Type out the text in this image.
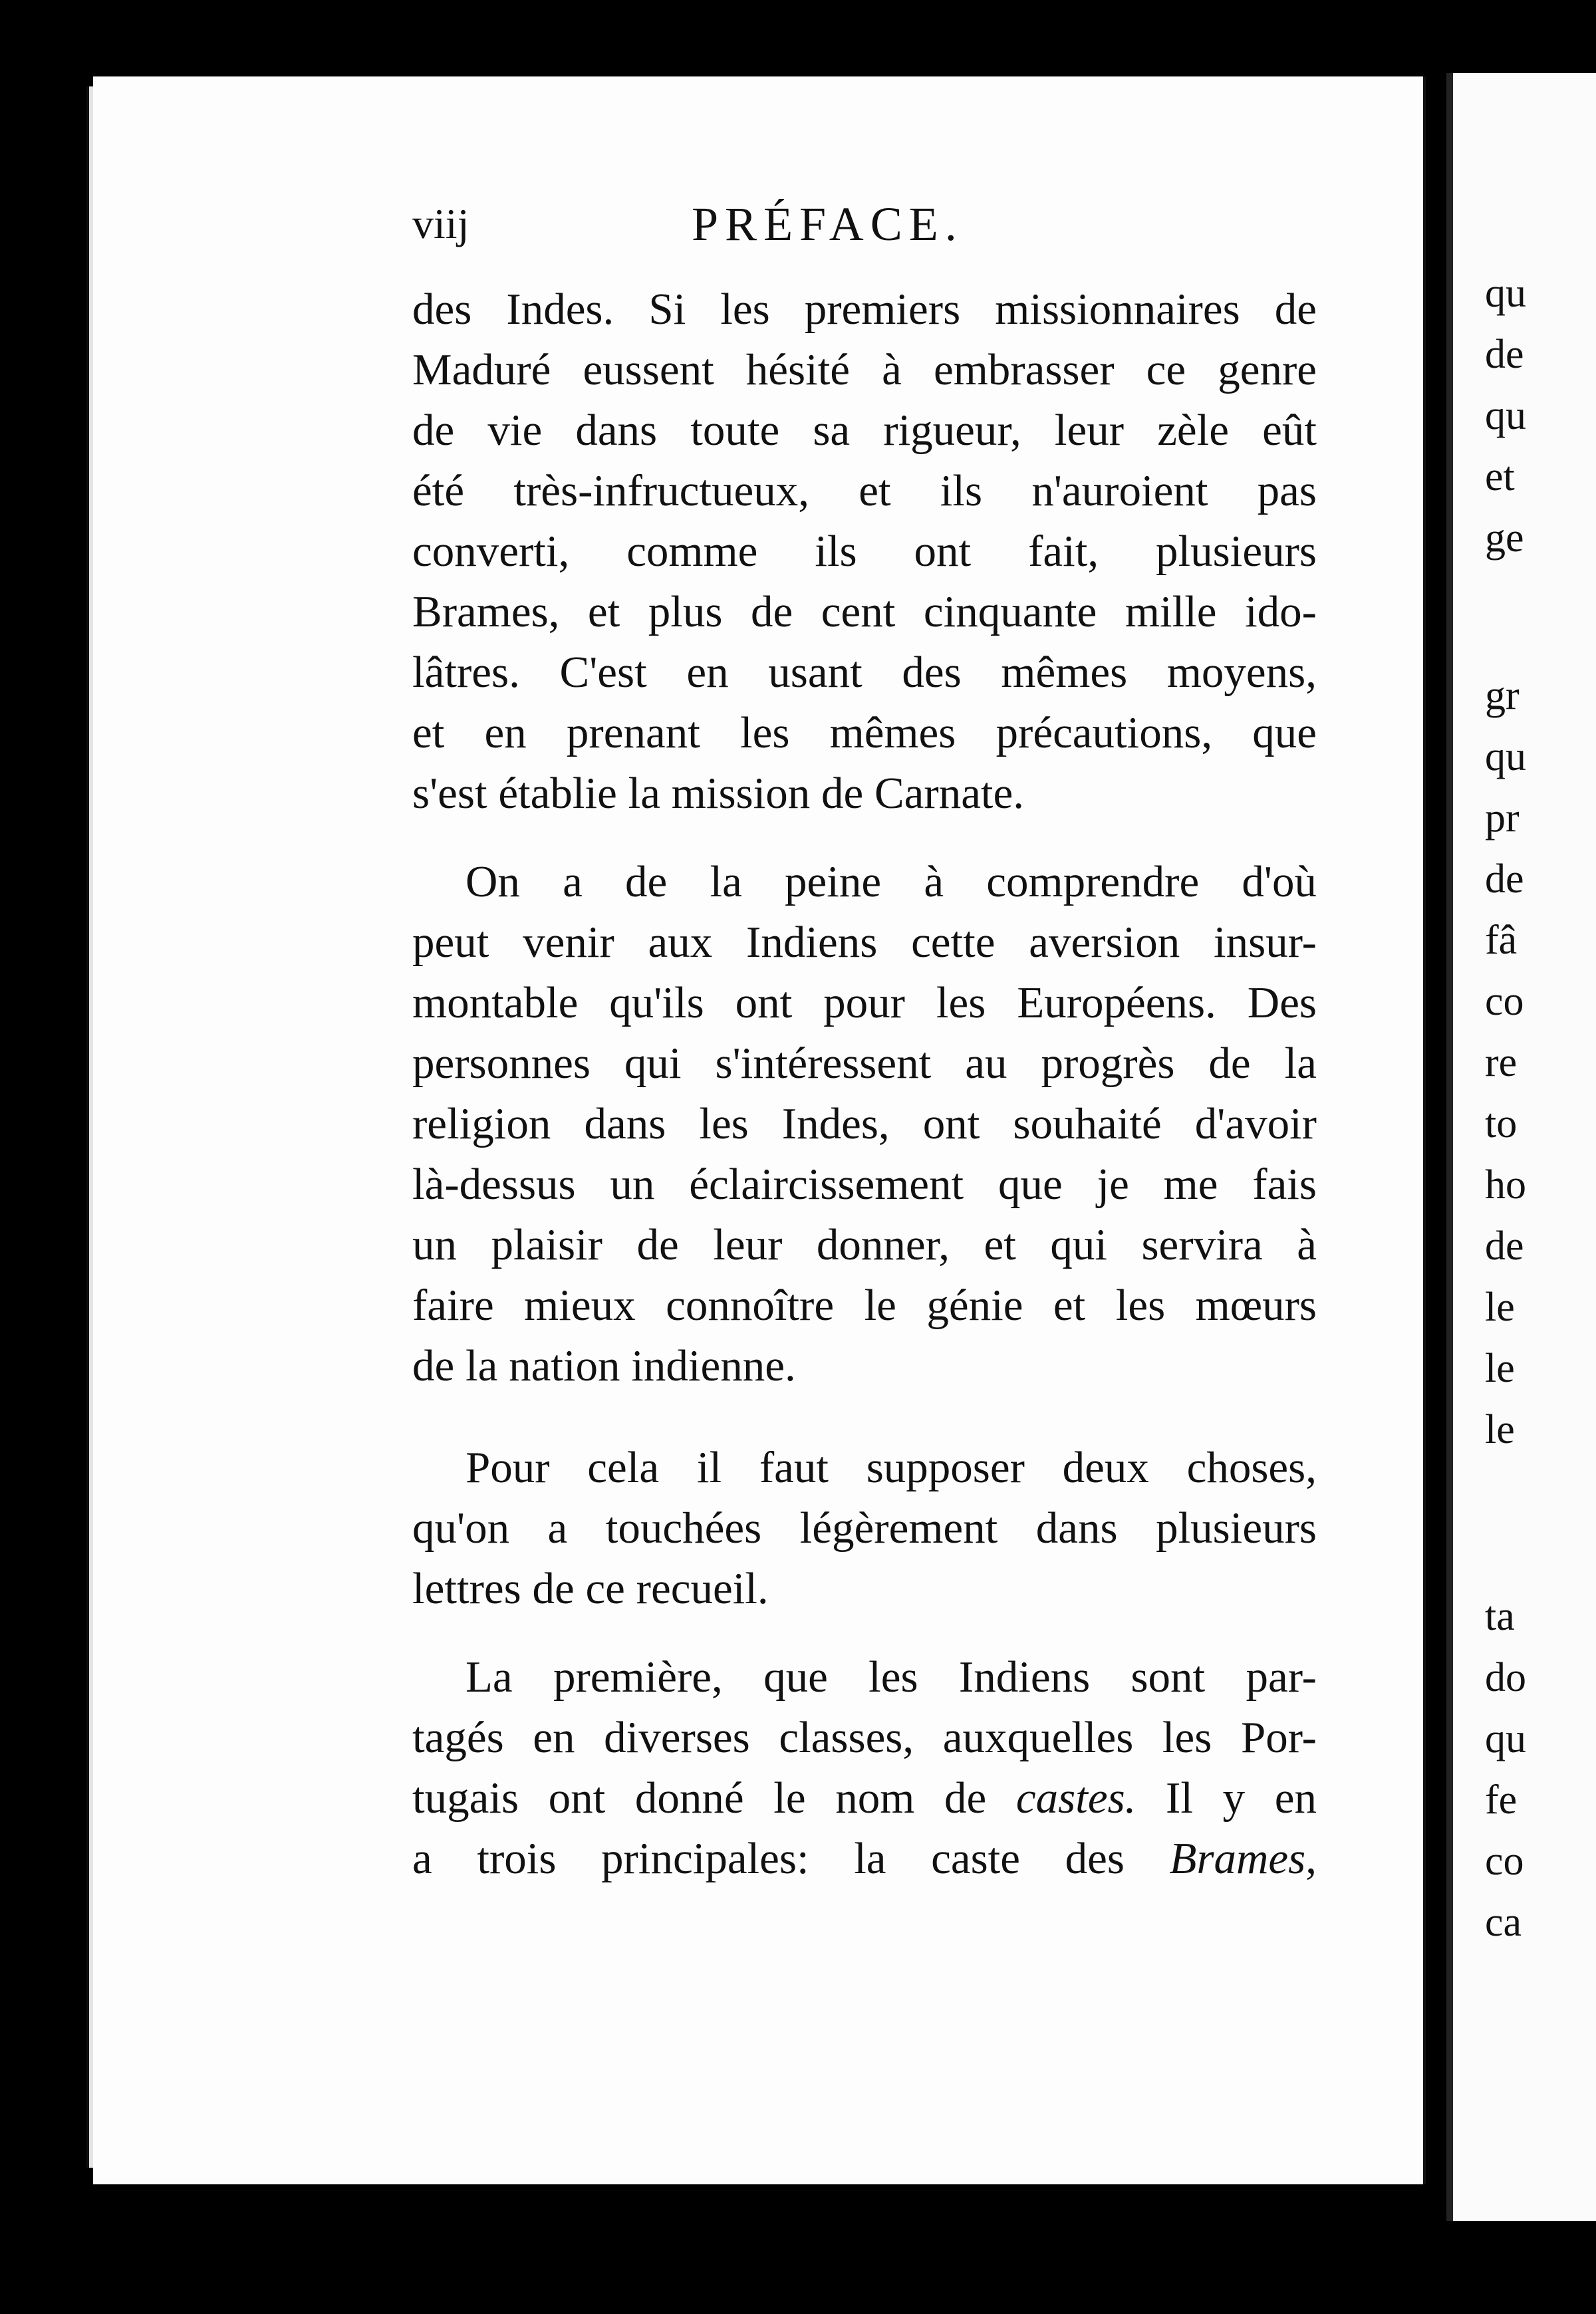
qu
de
qu
et
ge
gr
qu
pr
de
fâ
co
re
to
ho
de
le
le
le
ta
do
qu
fe
co
ca
viij	PRÉFACE.
des Indes. Si les premiers missionnaires de
Maduré eussent hésité à embrasser ce genre
de vie dans toute sa rigueur, leur zèle eût
été très-infructueux, et ils n'auroient pas
converti, comme ils ont fait, plusieurs
Brames, et plus de cent cinquante mille ido-
lâtres. C'est en usant des mêmes moyens,
et en prenant les mêmes précautions, que
s'est établie la mission de Carnate.
On a de la peine à comprendre d'où
peut venir aux Indiens cette aversion insur-
montable qu'ils ont pour les Européens. Des
personnes qui s'intéressent au progrès de la
religion dans les Indes, ont souhaité d'avoir
là-dessus un éclaircissement que je me fais
un plaisir de leur donner, et qui servira à
faire mieux connoître le génie et les mœurs
de la nation indienne.
Pour cela il faut supposer deux choses,
qu'on a touchées légèrement dans plusieurs
lettres de ce recueil.
La première, que les Indiens sont par-
tagés en diverses classes, auxquelles les Por-
tugais ont donné le nom de castes. Il y en
a trois principales: la caste des Brames,
